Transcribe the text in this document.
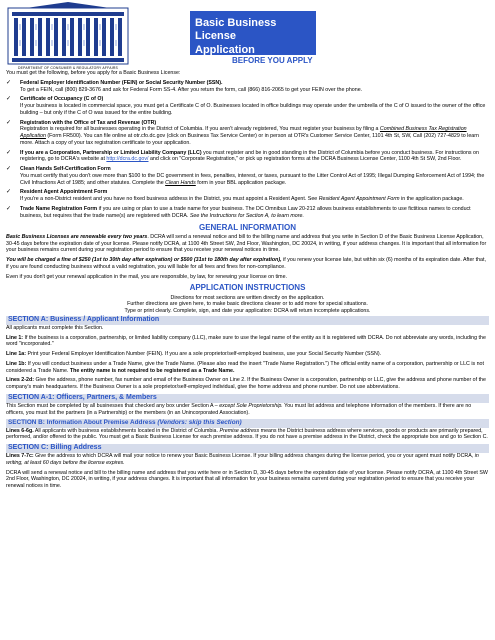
DEPARTMENT OF CONSUMER & REGULATORY AFFAIRS
Basic Business License
Application Instructions
BEFORE YOU APPLY
You must get the following, before you apply for a Basic Business License:
✓ Federal Employer Identification Number (FEIN) or Social Security Number (SSN).
To get a FEIN, call (800) 829-3676 and ask for Federal Form SS-4. After you return the form, call (866) 816-2065 to get your FEIN over the phone.
✓ Certificate of Occupancy (C of O)
If your business is located in commercial space, you must get a Certificate C of O. Businesses located in office buildings may operate under the umbrella of the C of O issued to the owner of the office building – but only if the C of O was issued for the entire building.
✓ Registration with the Office of Tax and Revenue (OTR)
Registration is required for all businesses operating in the District of Columbia. If you aren't already registered, You must register your business by filing a Combined Business Tax Registration Application (Form FR500). You can file online at otr.cfo.dc.gov (click on Business Tax Service Center) or in person at OTR's Customer Service Center, 1101 4th St, SW, Call (202) 727-4829 to learn more. Attach a copy of your tax registration certificate to your application.
✓ If you are a Corporation, Partnership or Limited Liability Company (LLC) you must register and be in good standing in the District of Columbia before you conduct business. For instructions on registering, go to DCRA's website at http://dcra.dc.gov/ and click on "Corporate Registration," or pick up registration forms at the DCRA Business License Center, 1100 4th St SW, 2nd Floor.
✓ Clean Hands Self-Certification Form
You must certify that you don't owe more than $100 to the DC government in fees, penalties, interest, or taxes, pursuant to the Litter Control Act of 1995; Illegal Dumping Enforcement Act of 1994; the Civil Infractions Act of 1985; and other statutes. Complete the Clean Hands form in your BBL application package.
✓ Resident Agent Appointment Form
If you're a non-District resident and you have no fixed business address in the District, you must appoint a Resident Agent. See Resident Agent Appointment Form in the application package.
✓ Trade Name Registration Form if you are using or plan to use a trade name for your business. The DC Omnibus Law 20-212 allows business establishments to use fictitious names to conduct business, but requires that the trade name(s) are registered with DCRA. See the Instructions for Section A, to learn more.
GENERAL INFORMATION
Basic Business Licenses are renewable every two years. DCRA will send a renewal notice and bill to the billing name and address that you write in Section D of the Basic Business License Application, 30-45 days before the expiration date of your license. Please notify DCRA, at 1100 4th Street SW, 2nd Floor, Washington, DC 20024, in writing, if your address changes. It is important that all information for your business remains current during your registration period to ensure that you receive your renewal notices in time.
You will be charged a fine of $250 (1st to 30th day after expiration) or $500 (31st to 180th day after expiration), if you renew your license late, but within six (6) months of its expiration date. After that, if you are found conducting business without a valid registration, you will liable for all fees and fines for non-compliance.
Even if you don't get your renewal application in the mail, you are responsible, by law, for renewing your license on time.
APPLICATION INSTRUCTIONS
Directions for most sections are written directly on the application.
Further directions are given here, to make basic directions clearer or to add more for special situations.
Type or print clearly. Complete, sign, and date your application: DCRA will return incomplete applications.
SECTION A: Business / Applicant Information
All applicants must complete this Section.
Line 1: If the business is a corporation, partnership, or limited liability company (LLC), make sure to use the legal name of the entity as it is registered with DCRA. Do not abbreviate any words, including the word "incorporated."
Line 1a: Print your Federal Employer Identification Number (FEIN). If you are a sole proprietor/self-employed business, use your Social Security Number (SSN).
Line 1b: If you will conduct business under a Trade Name, give the Trade Name. (Please also read the insert "Trade Name Registration.") The official entity name of a corporation, partnership or LLC is not considered a Trade Name. The entity name is not required to be registered as a Trade Name.
Lines 2-2d: Give the address, phone number, fax number and email of the Business Owner on Line 2. If the Business Owner is a corporation, partnership or LLC, give the address and phone number of the company's main headquarters. If the Business Owner is a sole proprietor/self-employed individual, give the home address and phone number. Do not use abbreviations.
SECTION A-1: Officers, Partners, & Members
This Section must be completed by all businesses that checked any box under Section A – except Sole Proprietorship. You must list address and telephone information of the members. If there are no officers, you must list the partners (in a Partnership) or the members (in an Unincorporated Association).
SECTION B: Information About Premise Address (Vendors: skip this Section)
Lines 6-6g. All applicants with business establishments located in the District of Columbia. Premise address means the District business address where services, goods or products are primarily prepared, performed, and/or offered to the public. You must get a Basic Business License for each premise address. If you do not have a premise address in the District, check the appropriate box and go to Section C.
SECTION C: Billing Address
Lines 7-7c: Give the address to which DCRA will mail your notice to renew your Basic Business License. If your billing address changes during the license period, you or your agent must notify DCRA, in writing, at least 60 days before the license expires.
DCRA will send a renewal notice and bill to the billing name and address that you write here or in Section D, 30-45 days before the expiration date of your license. Please notify DCRA, at 1100 4th Street SW 2nd Floor, Washington, DC 20024, in writing, if your address changes. It is important that all information for your business remains current during your registration period to ensure that you receive your renewal notices in time.
